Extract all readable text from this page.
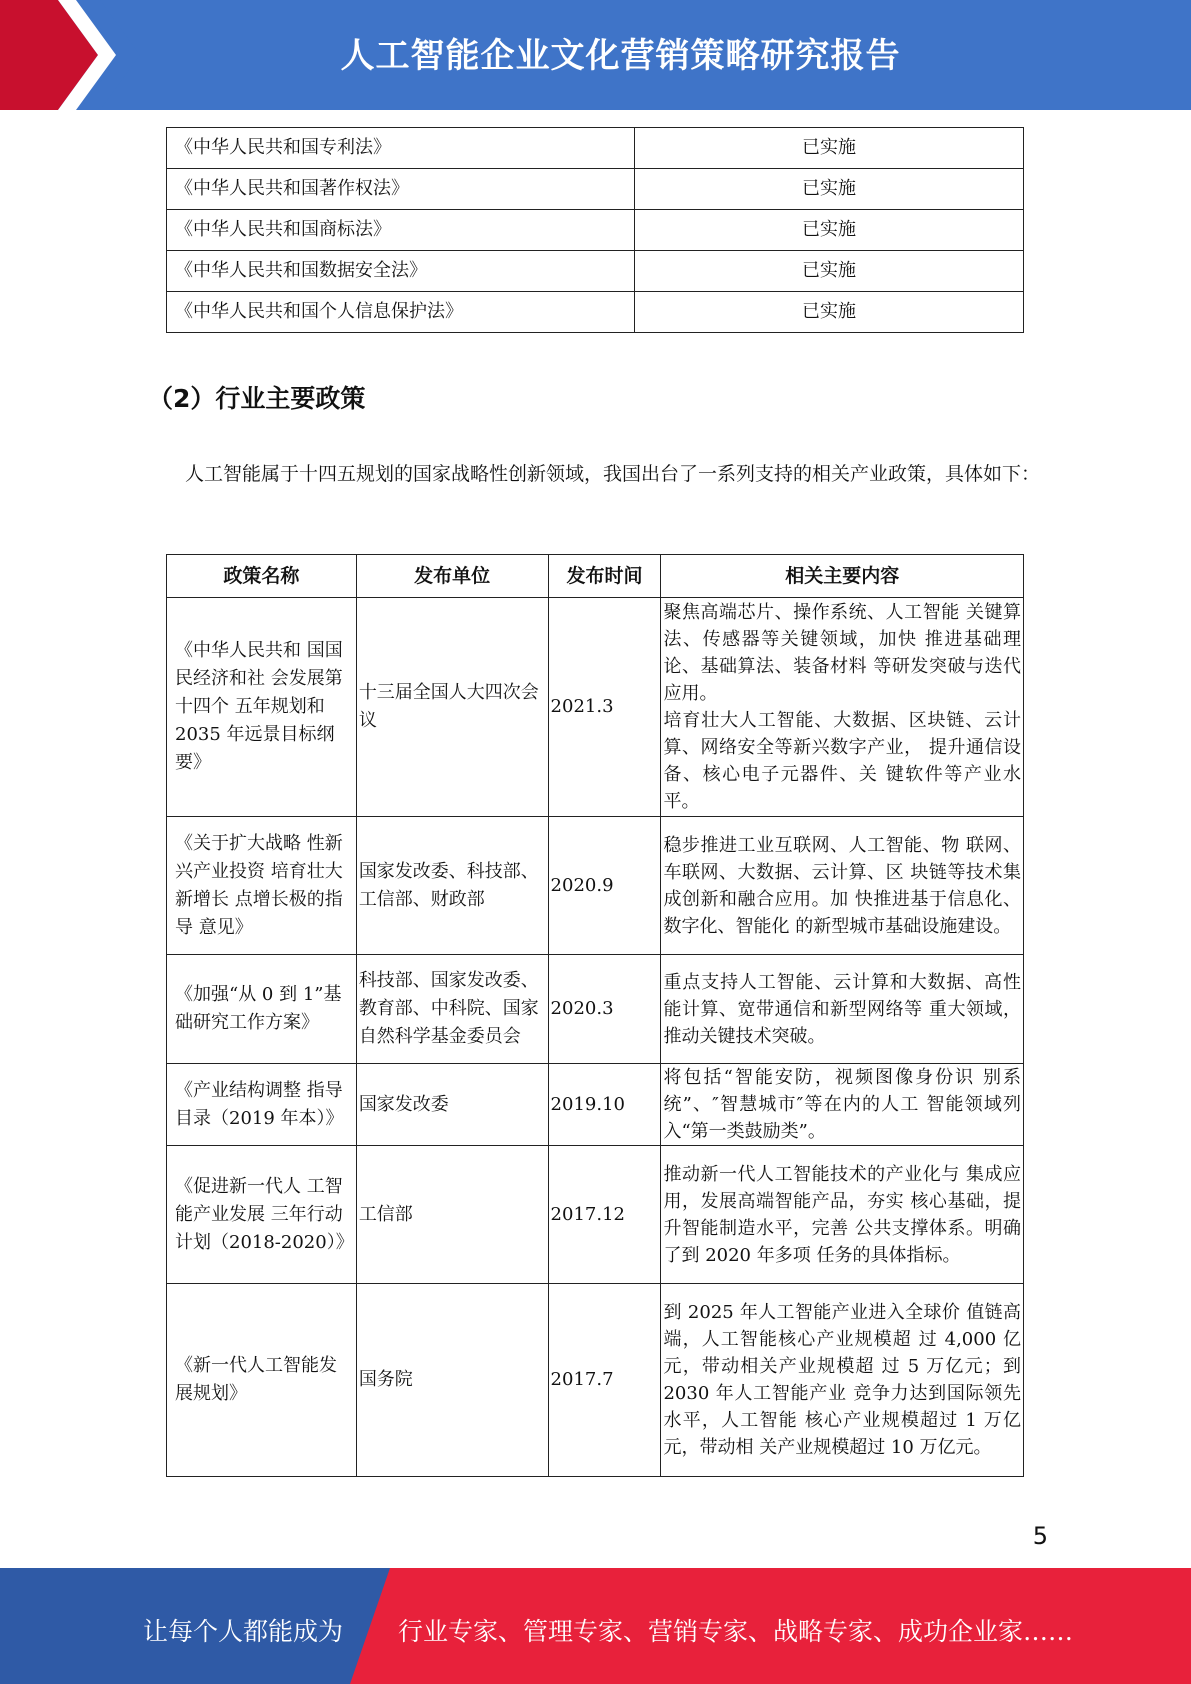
人工智能企业文化营销策略研究报告
《中华人民共和国专利法》	已实施
《中华人民共和国著作权法》	已实施
《中华人民共和国商标法》	已实施
《中华人民共和国数据安全法》	已实施
《中华人民共和国个人信息保护法》	已实施
（2）行业主要政策

人工智能属于十四五规划的国家战略性创新领域，我国出台了一系列支持的相关产业政策，具体如下：

政策名称	发布单位	发布时间	相关主要内容
《中华人民共和 国国民经济和社 会发展第十四个 五年规划和 2035 年远景目标纲要》	十三届全国人大四次会议	2021.3	聚焦高端芯片、操作系统、人工智能 关键算法、传感器等关键领域，加快 推进基础理论、基础算法、装备材料 等研发突破与迭代应用。
培育壮大人工智能、大数据、区块链、云计算、网络安全等新兴数字产业， 提升通信设备、核心电子元器件、关 键软件等产业水平。
《关于扩大战略 性新兴产业投资 培育壮大新增长 点增长极的指导 意见》	国家发改委、科技部、工信部、财政部	2020.9	稳步推进工业互联网、人工智能、物 联网、车联网、大数据、云计算、区 块链等技术集成创新和融合应用。加 快推进基于信息化、数字化、智能化 的新型城市基础设施建设。
《加强“从 0 到 1”基础研究工作方案》	科技部、国家发改委、教育部、中科院、国家自然科学基金委员会	2020.3	重点支持人工智能、云计算和大数据、高性能计算、宽带通信和新型网络等 重大领域，推动关键技术突破。
《产业结构调整 指导目录（2019 年本）》	国家发改委	2019.10	将包括“智能安防，视频图像身份识 别系统”、″智慧城市″等在内的人工 智能领域列入“第一类鼓励类”。
《促进新一代人 工智能产业发展 三年行动计划（2018-2020）》	工信部	2017.12	推动新一代人工智能技术的产业化与 集成应用，发展高端智能产品，夯实 核心基础，提升智能制造水平，完善 公共支撑体系。明确了到 2020 年多项 任务的具体指标。
《新一代人工智能发展规划》	国务院	2017.7	到 2025 年人工智能产业进入全球价 值链高端，人工智能核心产业规模超 过 4,000 亿元，带动相关产业规模超 过 5 万亿元；到 2030 年人工智能产业 竞争力达到国际领先水平，人工智能 核心产业规模超过 1 万亿元，带动相 关产业规模超过 10 万亿元。
5
让每个人都能成为 行业专家、管理专家、营销专家、战略专家、成功企业家……
